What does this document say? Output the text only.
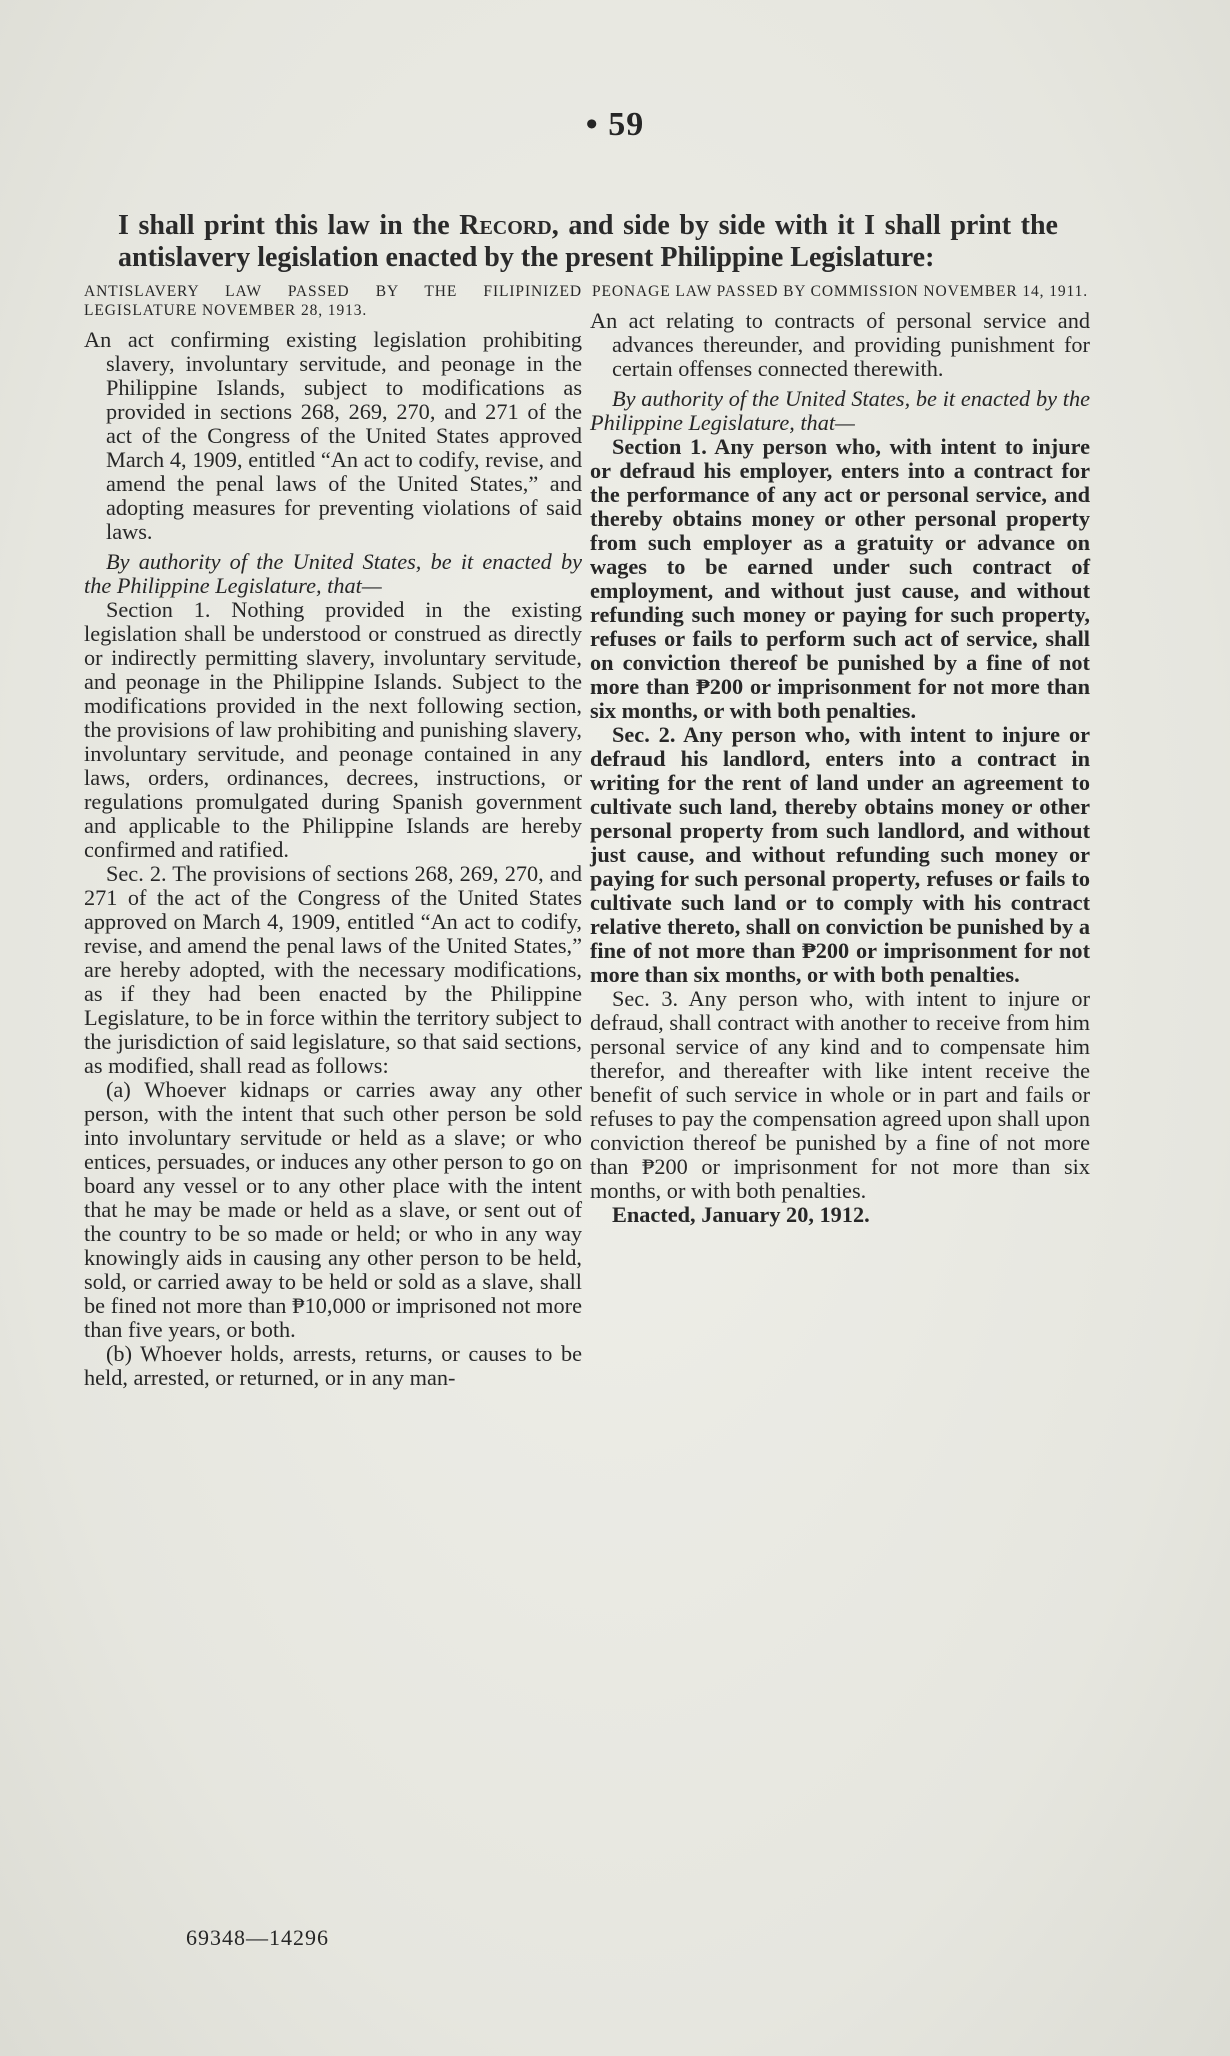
• 59

I shall print this law in the Record, and side by side with it I shall print the antislavery legislation enacted by the present Philippine Legislature:

ANTISLAVERY LAW PASSED BY THE FILIPINIZED LEGISLATURE NOVEMBER 28, 1913.

An act confirming existing legislation prohibiting slavery, involuntary servitude, and peonage in the Philippine Islands, subject to modifications as provided in sections 268, 269, 270, and 271 of the act of the Congress of the United States approved March 4, 1909, entitled “An act to codify, revise, and amend the penal laws of the United States,” and adopting measures for preventing violations of said laws.

By authority of the United States, be it enacted by the Philippine Legislature, that—

Section 1. Nothing provided in the existing legislation shall be understood or construed as directly or indirectly permitting slavery, involuntary servitude, and peonage in the Philippine Islands. Subject to the modifications provided in the next following section, the provisions of law prohibiting and punishing slavery, involuntary servitude, and peonage contained in any laws, orders, ordinances, decrees, instructions, or regulations promulgated during Spanish government and applicable to the Philippine Islands are hereby confirmed and ratified.

Sec. 2. The provisions of sections 268, 269, 270, and 271 of the act of the Congress of the United States approved on March 4, 1909, entitled “An act to codify, revise, and amend the penal laws of the United States,” are hereby adopted, with the necessary modifications, as if they had been enacted by the Philippine Legislature, to be in force within the territory subject to the jurisdiction of said legislature, so that said sections, as modified, shall read as follows:

(a) Whoever kidnaps or carries away any other person, with the intent that such other person be sold into involuntary servitude or held as a slave; or who entices, persuades, or induces any other person to go on board any vessel or to any other place with the intent that he may be made or held as a slave, or sent out of the country to be so made or held; or who in any way knowingly aids in causing any other person to be held, sold, or carried away to be held or sold as a slave, shall be fined not more than ₱10,000 or imprisoned not more than five years, or both.

(b) Whoever holds, arrests, returns, or causes to be held, arrested, or returned, or in any man-

PEONAGE LAW PASSED BY COMMISSION NOVEMBER 14, 1911.

An act relating to contracts of personal service and advances thereunder, and providing punishment for certain offenses connected therewith.

By authority of the United States, be it enacted by the Philippine Legislature, that—

Section 1. Any person who, with intent to injure or defraud his employer, enters into a contract for the performance of any act or personal service, and thereby obtains money or other personal property from such employer as a gratuity or advance on wages to be earned under such contract of employment, and without just cause, and without refunding such money or paying for such property, refuses or fails to perform such act of service, shall on conviction thereof be punished by a fine of not more than ₱200 or imprisonment for not more than six months, or with both penalties.

Sec. 2. Any person who, with intent to injure or defraud his landlord, enters into a contract in writing for the rent of land under an agreement to cultivate such land, thereby obtains money or other personal property from such landlord, and without just cause, and without refunding such money or paying for such personal property, refuses or fails to cultivate such land or to comply with his contract relative thereto, shall on conviction be punished by a fine of not more than ₱200 or imprisonment for not more than six months, or with both penalties.

Sec. 3. Any person who, with intent to injure or defraud, shall contract with another to receive from him personal service of any kind and to compensate him therefor, and thereafter with like intent receive the benefit of such service in whole or in part and fails or refuses to pay the compensation agreed upon shall upon conviction thereof be punished by a fine of not more than ₱200 or imprisonment for not more than six months, or with both penalties.

Enacted, January 20, 1912.

69348—14296
